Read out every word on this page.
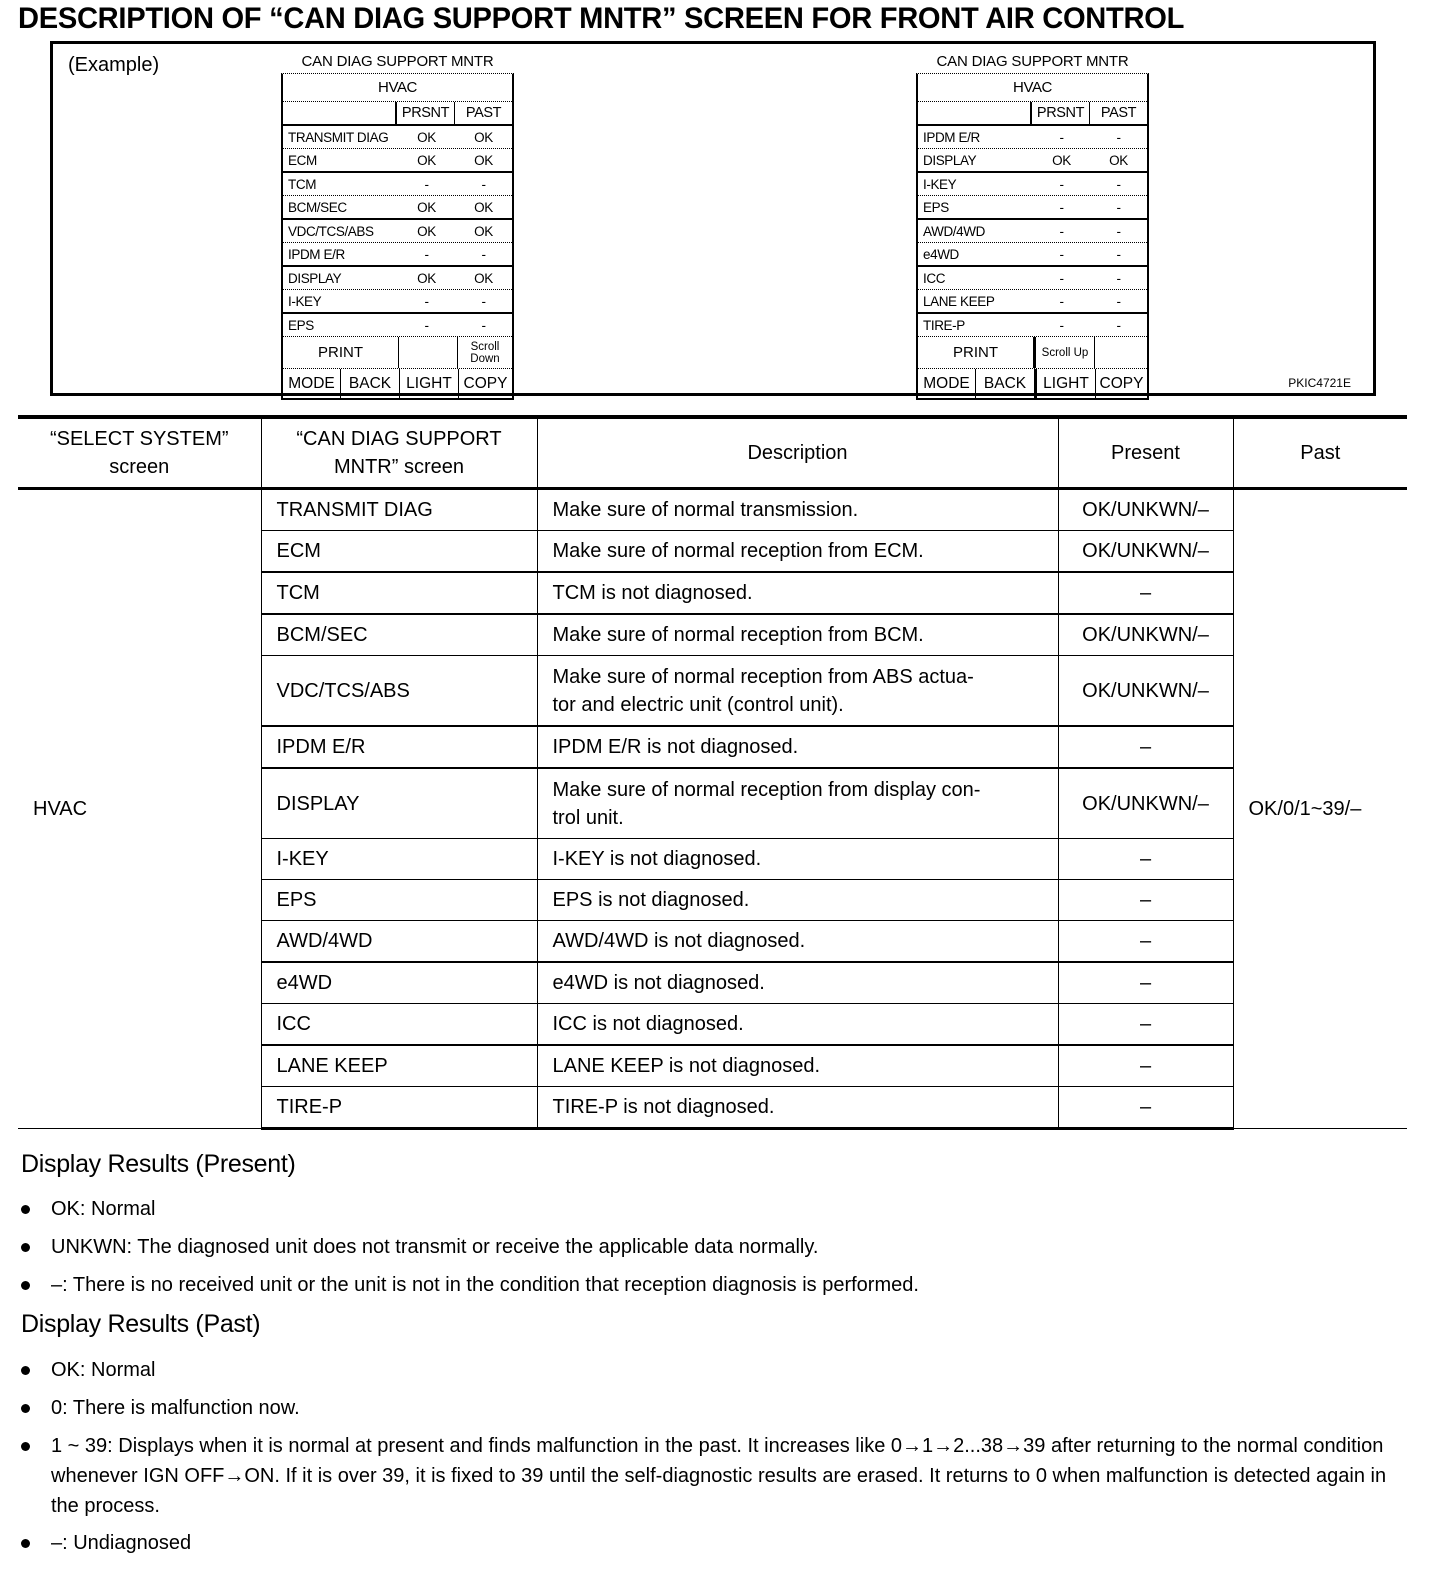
DESCRIPTION OF “CAN DIAG SUPPORT MNTR” SCREEN FOR FRONT AIR CONTROL
(Example)
PKIC4721E
CAN DIAG SUPPORT MNTR
HVAC
PRSNT	PAST
TRANSMIT DIAG	OK	OK
ECM	OK	OK
TCM	-	-
BCM/SEC	OK	OK
VDC/TCS/ABS	OK	OK
IPDM E/R	-	-
DISPLAY	OK	OK
I-KEY	-	-
EPS	-	-
PRINT	Scroll Down
MODE BACK LIGHT COPY
CAN DIAG SUPPORT MNTR
HVAC
PRSNT	PAST
IPDM E/R	-	-
DISPLAY	OK	OK
I-KEY	-	-
EPS	-	-
AWD/4WD	-	-
e4WD	-	-
ICC	-	-
LANE KEEP	-	-
TIRE-P	-	-
PRINT	Scroll Up
MODE BACK	LIGHT COPY
“SELECT SYSTEM”
screen	“CAN DIAG SUPPORT
MNTR” screen	Description	Present	Past
HVAC	TRANSMIT DIAG	Make sure of normal transmission.	OK/UNKWN/–	OK/0/1~39/–
	ECM	Make sure of normal reception from ECM.	OK/UNKWN/–	
	TCM	TCM is not diagnosed.	–	
	BCM/SEC	Make sure of normal reception from BCM.	OK/UNKWN/–	
	VDC/TCS/ABS	Make sure of normal reception from ABS actua-
tor and electric unit (control unit).	OK/UNKWN/–	
	IPDM E/R	IPDM E/R is not diagnosed.	–	
	DISPLAY	Make sure of normal reception from display con-
trol unit.	OK/UNKWN/–	
	I-KEY	I-KEY is not diagnosed.	–	
	EPS	EPS is not diagnosed.	–	
	AWD/4WD	AWD/4WD is not diagnosed.	–	
	e4WD	e4WD is not diagnosed.	–	
	ICC	ICC is not diagnosed.	–	
	LANE KEEP	LANE KEEP is not diagnosed.	–	
	TIRE-P	TIRE-P is not diagnosed.	–	
Display Results (Present)
OK: Normal
UNKWN: The diagnosed unit does not transmit or receive the applicable data normally.
–: There is no received unit or the unit is not in the condition that reception diagnosis is performed.
Display Results (Past)
OK: Normal
0: There is malfunction now.
1 ~ 39: Displays when it is normal at present and finds malfunction in the past. It increases like 0→1→2...38→39 after returning to the normal condition whenever IGN OFF→ON. If it is over 39, it is fixed to 39 until the self-diagnostic results are erased. It returns to 0 when malfunction is detected again in the process.
–: Undiagnosed
